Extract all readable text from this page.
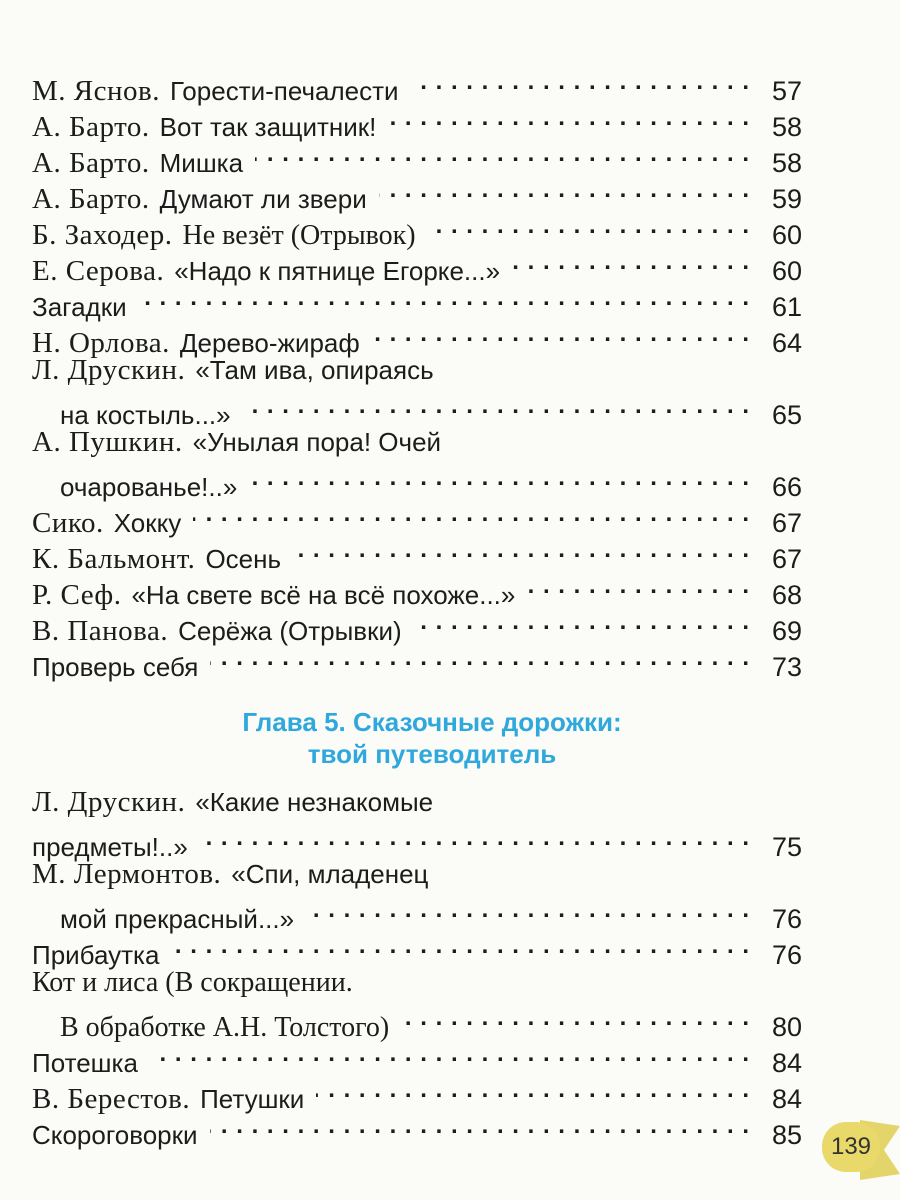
М. Яснов. Горести-печалести . . .	57
А. Барто. Вот так защитник! . . .	58
А. Барто. Мишка . . .	58
А. Барто. Думают ли звери . . .	59
Б. Заходер. Не везёт (Отрывок) . . .	60
Е. Серова. «Надо к пятнице Егорке...» . . .	60
Загадки . . .	61
Н. Орлова. Дерево-жираф . . .	64
Л. Друскин. «Там ива, опираясь
на костыль...» . . .	65
А. Пушкин. «Унылая пора! Очей
очарованье!..» . . .	66
Сико. Хокку . . .	67
К. Бальмонт. Осень . . .	67
Р. Сеф. «На свете всё на всё похоже...» . . .	68
В. Панова. Серёжа (Отрывки) . . .	69
Проверь себя . . .	73
Глава 5. Сказочные дорожки:
твой путеводитель
Л. Друскин. «Какие незнакомые
предметы!..» . . .	75
М. Лермонтов. «Спи, младенец
мой прекрасный...» . . .	76
Прибаутка . . .	76
Кот и лиса (В сокращении.
В обработке А.Н. Толстого) . . .	80
Потешка . . .	84
В. Берестов. Петушки . . .	84
Скороговорки . . .	85 139
